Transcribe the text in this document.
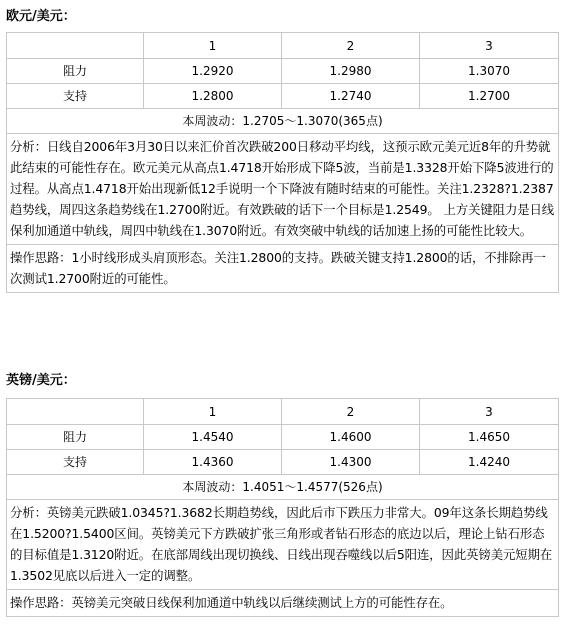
欧元/美元：
	1	2	3
阻力	1.2920	1.2980	1.3070
支持	1.2800	1.2740	1.2700
本周波动：1.2705～1.3070(365点)			
分析：日线自2006年3月30日以来汇价首次跌破200日移动平均线，这预示欧元美元近8年的升势就此结束的可能性存在。欧元美元从高点1.4718开始形成下降5波，当前是1.3328开始下降5波进行的过程。从高点1.4718开始出现新低12手说明一个下降波有随时结束的可能性。关注1.2328?1.2387趋势线，周四这条趋势线在1.2700附近。有效跌破的话下一个目标是1.2549。 上方关键阻力是日线保利加通道中轨线，周四中轨线在1.3070附近。有效突破中轨线的话加速上扬的可能性比较大。			
操作思路：1小时线形成头肩顶形态。关注1.2800的支持。跌破关键支持1.2800的话，不排除再一次测试1.2700附近的可能性。			
英镑/美元：
	1	2	3
阻力	1.4540	1.4600	1.4650
支持	1.4360	1.4300	1.4240
本周波动：1.4051～1.4577(526点)			
分析：英镑美元跌破1.0345?1.3682长期趋势线，因此后市下跌压力非常大。09年这条长期趋势线在1.5200?1.5400区间。英镑美元下方跌破扩张三角形或者钻石形态的底边以后，理论上钻石形态的目标值是1.3120附近。在底部周线出现切换线、日线出现吞噬线以后5阳连，因此英镑美元短期在1.3502见底以后进入一定的调整。			
操作思路：英镑美元突破日线保利加通道中轨线以后继续测试上方的可能性存在。			
